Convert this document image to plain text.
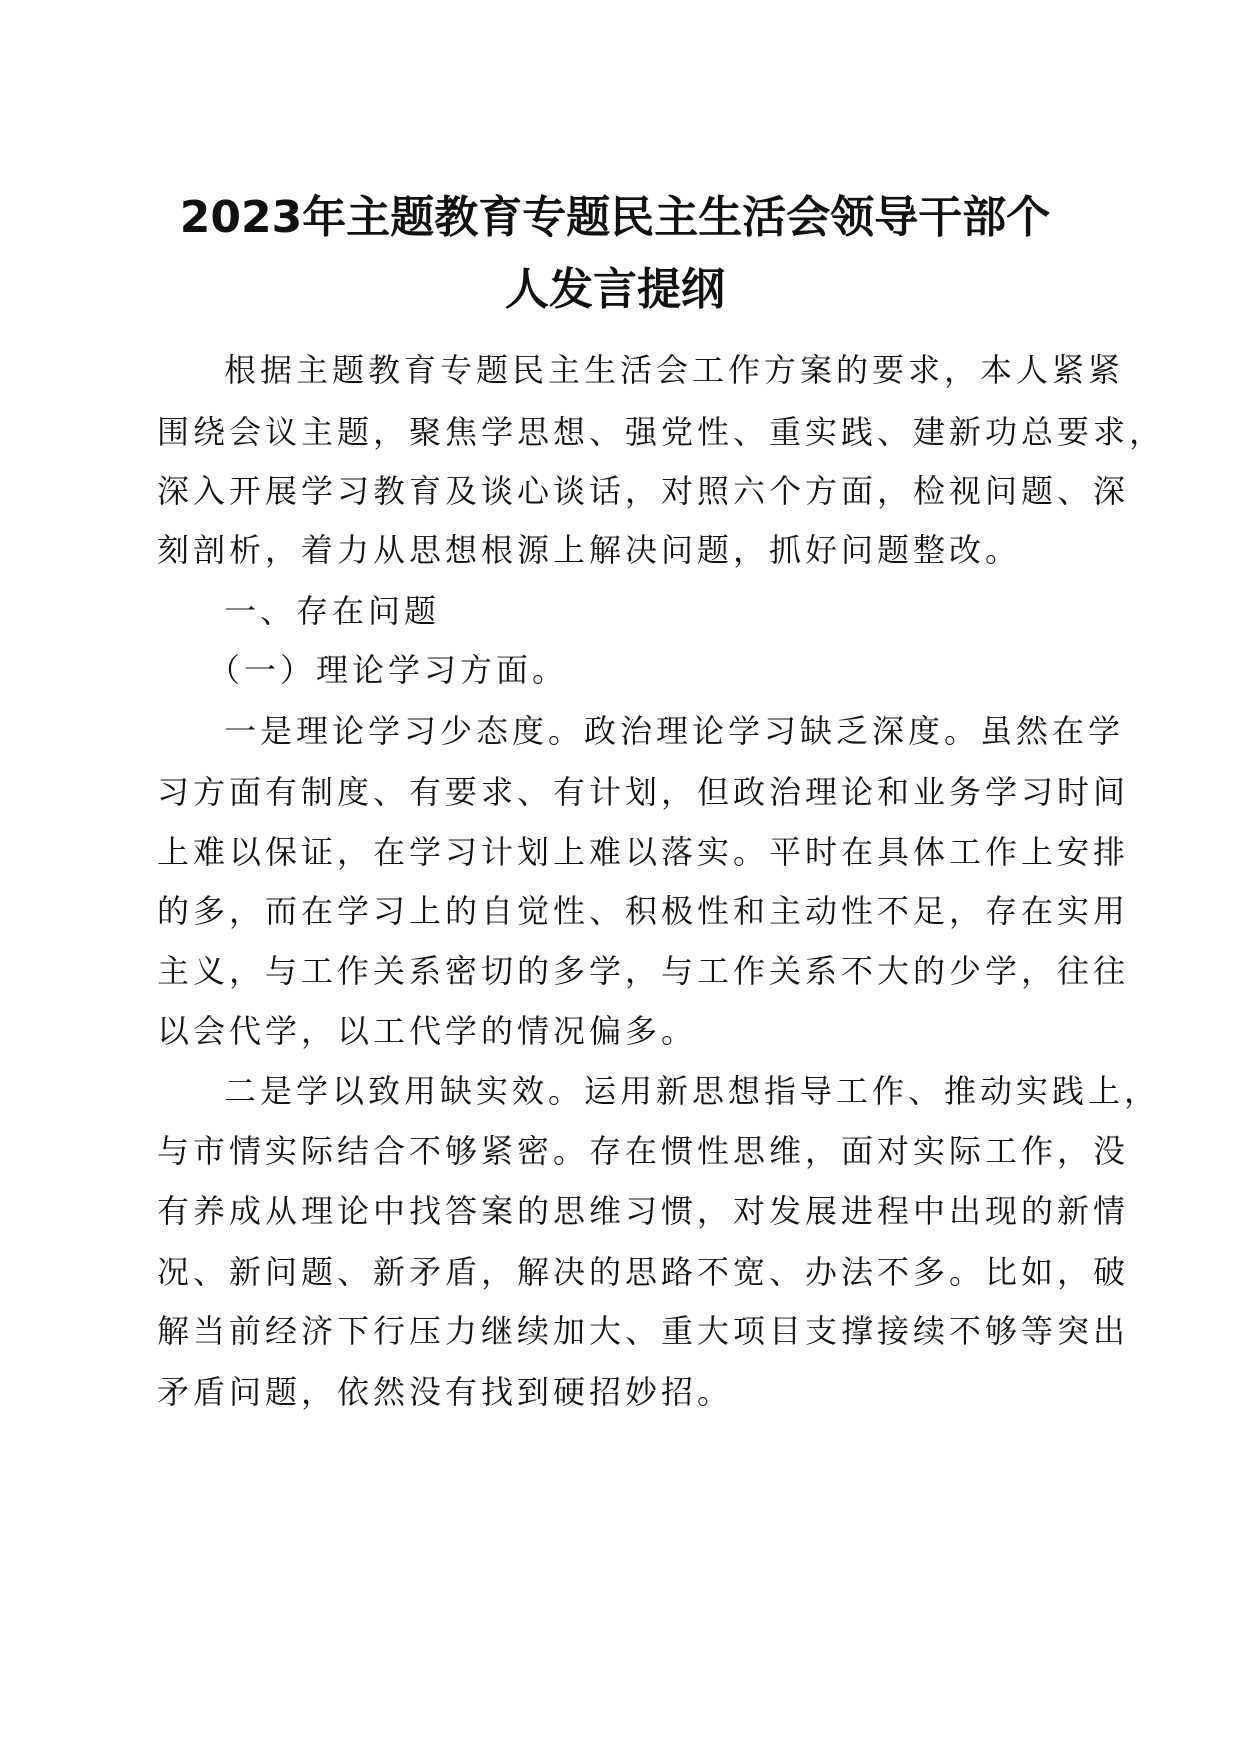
2023年主题教育专题民主生活会领导干部个
人发言提纲

根据主题教育专题民主生活会工作方案的要求，本人紧紧

围绕会议主题，聚焦学思想、强党性、重实践、建新功总要求，

深入开展学习教育及谈心谈话，对照六个方面，检视问题、深

刻剖析，着力从思想根源上解决问题，抓好问题整改。

一、存在问题

（一）理论学习方面。

一是理论学习少态度。政治理论学习缺乏深度。虽然在学

习方面有制度、有要求、有计划，但政治理论和业务学习时间

上难以保证，在学习计划上难以落实。平时在具体工作上安排

的多，而在学习上的自觉性、积极性和主动性不足，存在实用

主义，与工作关系密切的多学，与工作关系不大的少学，往往

以会代学，以工代学的情况偏多。

二是学以致用缺实效。运用新思想指导工作、推动实践上，

与市情实际结合不够紧密。存在惯性思维，面对实际工作，没

有养成从理论中找答案的思维习惯，对发展进程中出现的新情

况、新问题、新矛盾，解决的思路不宽、办法不多。比如，破

解当前经济下行压力继续加大、重大项目支撑接续不够等突出

矛盾问题，依然没有找到硬招妙招。
